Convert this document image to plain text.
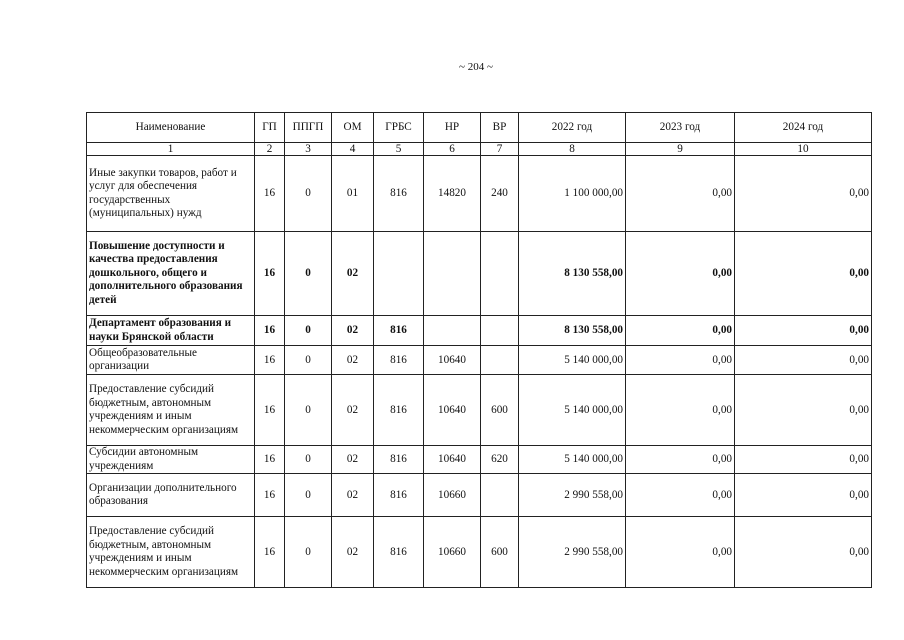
~ 204 ~
Наименование	ГП	ППГП	ОМ	ГРБС	НР	ВР	2022 год	2023 год	2024 год
1	2	3	4	5	6	7	8	9	10
Иные закупки товаров, работ и услуг для обеспечения государственных (муниципальных) нужд	16	0	01	816	14820	240	1 100 000,00	0,00	0,00
Повышение доступности и качества предоставления дошкольного, общего и дополнительного образования детей	16	0	02				8 130 558,00	0,00	0,00
Департамент образования и науки Брянской области	16	0	02	816			8 130 558,00	0,00	0,00
Общеобразовательные организации	16	0	02	816	10640		5 140 000,00	0,00	0,00
Предоставление субсидий бюджетным, автономным учреждениям и иным некоммерческим организациям	16	0	02	816	10640	600	5 140 000,00	0,00	0,00
Субсидии автономным учреждениям	16	0	02	816	10640	620	5 140 000,00	0,00	0,00
Организации дополнительного образования	16	0	02	816	10660		2 990 558,00	0,00	0,00
Предоставление субсидий бюджетным, автономным учреждениям и иным некоммерческим организациям	16	0	02	816	10660	600	2 990 558,00	0,00	0,00
